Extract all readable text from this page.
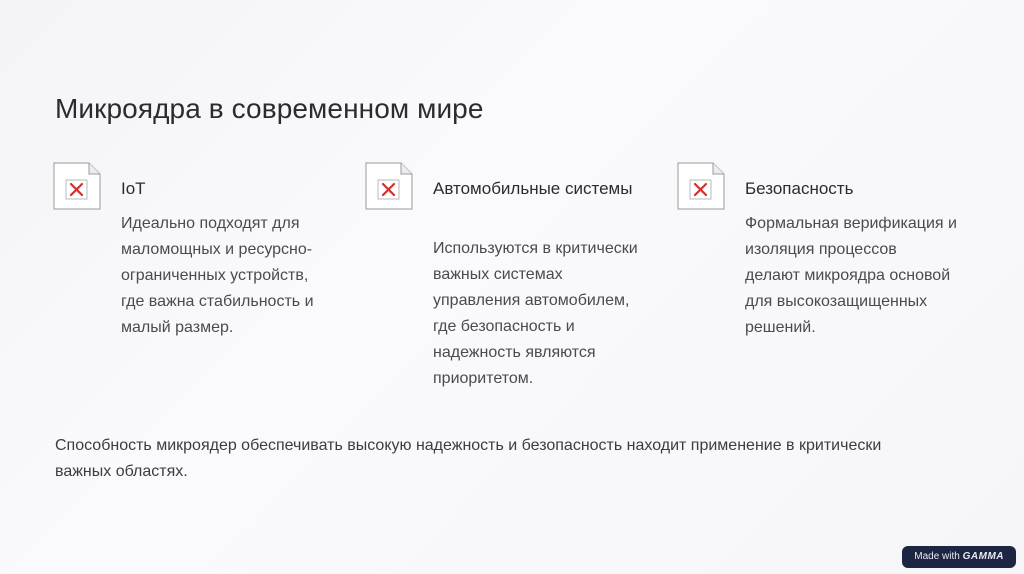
Микроядра в современном мире
IoT
Идеально подходят для
маломощных и ресурсно-
ограниченных устройств,
где важна стабильность и
малый размер.
Автомобильные системы
Используются в критически
важных системах
управления автомобилем,
где безопасность и
надежность являются
приоритетом.
Безопасность
Формальная верификация и
изоляция процессов
делают микроядра основой
для высокозащищенных
решений.
Способность микроядер обеспечивать высокую надежность и безопасность находит применение в критически
важных областях.
Made with GAMMA
